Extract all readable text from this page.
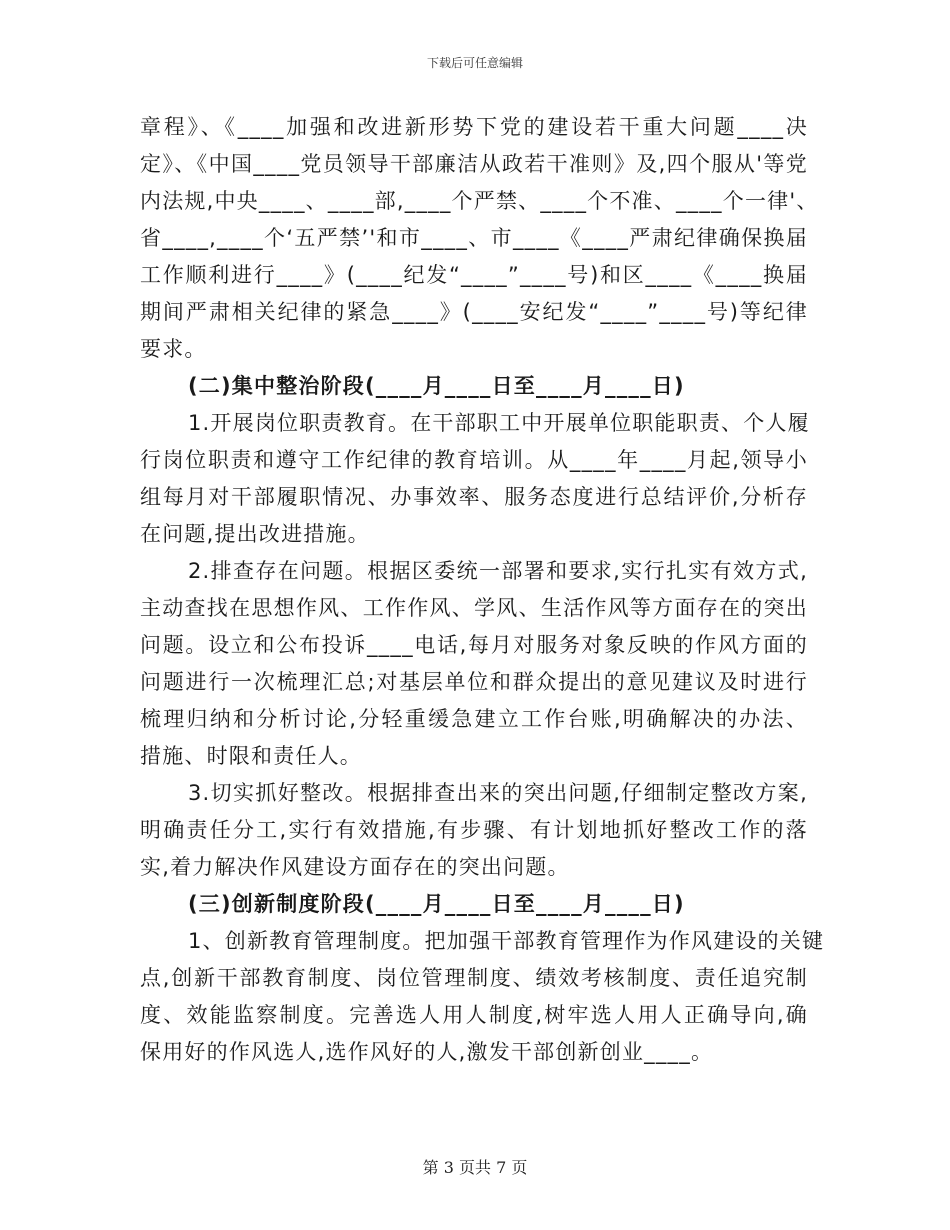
下载后可任意编辑
章程》、《____加强和改进新形势下党的建设若干重大问题____决
定》、《中国____党员领导干部廉洁从政若干准则》及,四个服从'等党
内法规,中央____、____部,____个严禁、____个不准、____个一律'、
省____,____个‘五严禁’'和市____、市____《____严肃纪律确保换届
工作顺利进行____》(____纪发“____”____号)和区____《____换届
期间严肃相关纪律的紧急____》(____安纪发“____”____号)等纪律
要求。
(二)集中整治阶段(____月____日至____月____日)
1.开展岗位职责教育。在干部职工中开展单位职能职责、个人履
行岗位职责和遵守工作纪律的教育培训。从____年____月起,领导小
组每月对干部履职情况、办事效率、服务态度进行总结评价,分析存
在问题,提出改进措施。
2.排查存在问题。根据区委统一部署和要求,实行扎实有效方式,
主动查找在思想作风、工作作风、学风、生活作风等方面存在的突出
问题。设立和公布投诉____电话,每月对服务对象反映的作风方面的
问题进行一次梳理汇总;对基层单位和群众提出的意见建议及时进行
梳理归纳和分析讨论,分轻重缓急建立工作台账,明确解决的办法、
措施、时限和责任人。
3.切实抓好整改。根据排查出来的突出问题,仔细制定整改方案,
明确责任分工,实行有效措施,有步骤、有计划地抓好整改工作的落
实,着力解决作风建设方面存在的突出问题。
(三)创新制度阶段(____月____日至____月____日)
1、创新教育管理制度。把加强干部教育管理作为作风建设的关键
点,创新干部教育制度、岗位管理制度、绩效考核制度、责任追究制
度、效能监察制度。完善选人用人制度,树牢选人用人正确导向,确
保用好的作风选人,选作风好的人,激发干部创新创业____。
第 3 页共 7 页
